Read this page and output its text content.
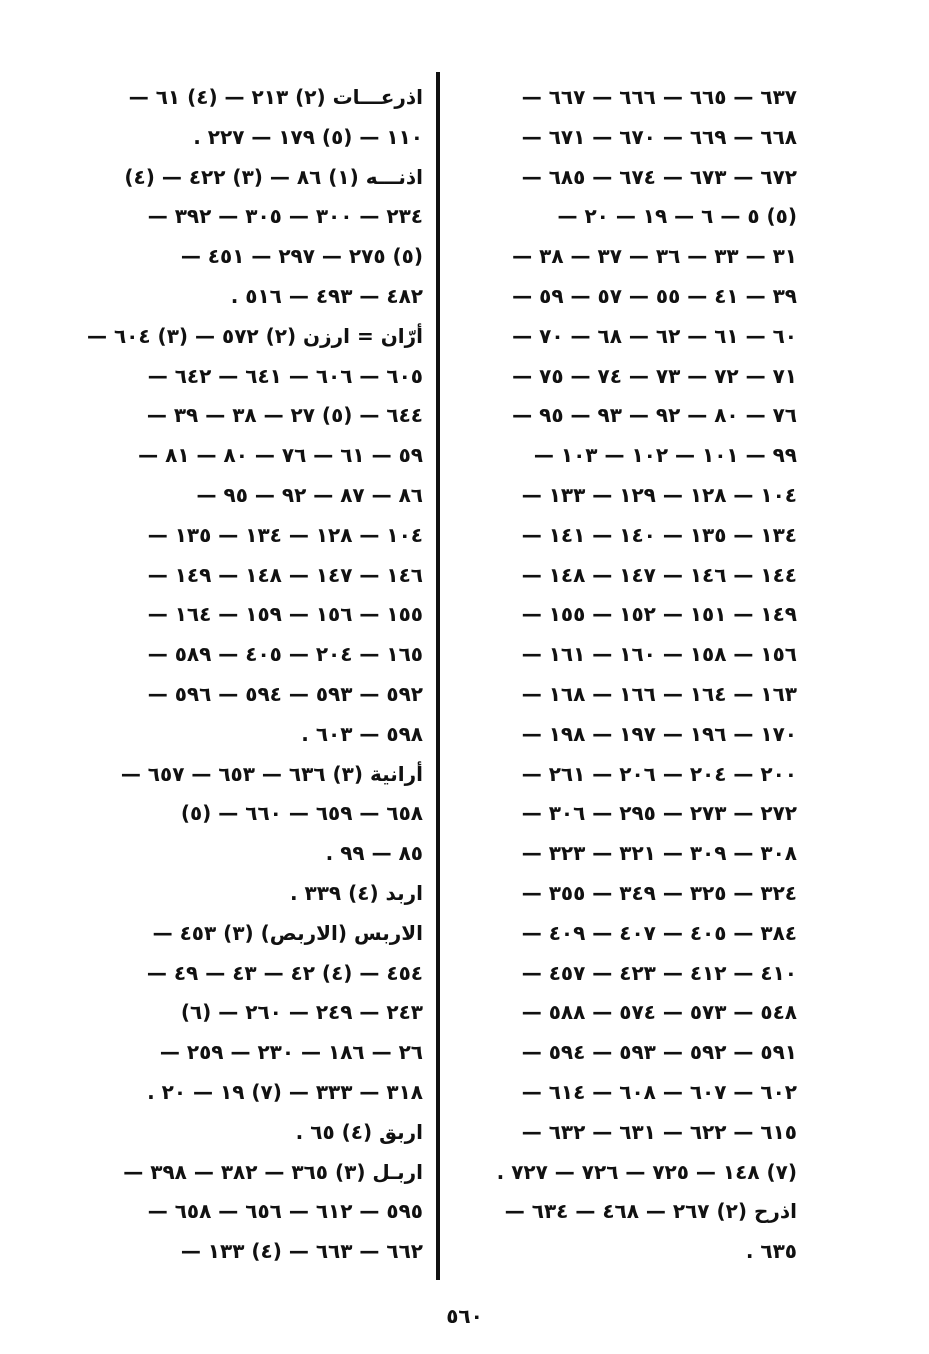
٦٣٧ — ٦٦٥ — ٦٦٦ — ٦٦٧ —
٦٦٨ — ٦٦٩ — ٦٧٠ — ٦٧١ —
٦٧٢ — ٦٧٣ — ٦٧٤ — ٦٨٥ —
(٥) ٥ — ٦ — ١٩ — ٢٠ —
٣١ — ٣٣ — ٣٦ — ٣٧ — ٣٨ —
٣٩ — ٤١ — ٥٥ — ٥٧ — ٥٩ —
٦٠ — ٦١ — ٦٢ — ٦٨ — ٧٠ —
٧١ — ٧٢ — ٧٣ — ٧٤ — ٧٥ —
٧٦ — ٨٠ — ٩٢ — ٩٣ — ٩٥ —
٩٩ — ١٠١ — ١٠٢ — ١٠٣ —
١٠٤ — ١٢٨ — ١٢٩ — ١٣٣ —
١٣٤ — ١٣٥ — ١٤٠ — ١٤١ —
١٤٤ — ١٤٦ — ١٤٧ — ١٤٨ —
١٤٩ — ١٥١ — ١٥٢ — ١٥٥ —
١٥٦ — ١٥٨ — ١٦٠ — ١٦١ —
١٦٣ — ١٦٤ — ١٦٦ — ١٦٨ —
١٧٠ — ١٩٦ — ١٩٧ — ١٩٨ —
٢٠٠ — ٢٠٤ — ٢٠٦ — ٢٦١ —
٢٧٢ — ٢٧٣ — ٢٩٥ — ٣٠٦ —
٣٠٨ — ٣٠٩ — ٣٢١ — ٣٢٣ —
٣٢٤ — ٣٢٥ — ٣٤٩ — ٣٥٥ —
٣٨٤ — ٤٠٥ — ٤٠٧ — ٤٠٩ —
٤١٠ — ٤١٢ — ٤٢٣ — ٤٥٧ —
٥٤٨ — ٥٧٣ — ٥٧٤ — ٥٨٨ —
٥٩١ — ٥٩٢ — ٥٩٣ — ٥٩٤ —
٦٠٢ — ٦٠٧ — ٦٠٨ — ٦١٤ —
٦١٥ — ٦٢٢ — ٦٣١ — ٦٣٢ —
(٧) ١٤٨ — ٧٢٥ — ٧٢٦ — ٧٢٧ .
اذرح (٢) ٢٦٧ — ٤٦٨ — ٦٣٤ —
٦٣٥ .
اذرعـــات (٢) ٢١٣ — (٤) ٦١ —
١١٠ — (٥) ١٧٩ — ٢٢٧ .
اذنـــه (١) ٨٦ — (٣) ٤٢٢ — (٤)
٢٣٤ — ٣٠٠ — ٣٠٥ — ٣٩٢ —
(٥) ٢٧٥ — ٢٩٧ — ٤٥١ —
٤٨٢ — ٤٩٣ — ٥١٦ .
أرّان = ارزن (٢) ٥٧٢ — (٣) ٦٠٤ —
٦٠٥ — ٦٠٦ — ٦٤١ — ٦٤٢ —
٦٤٤ — (٥) ٢٧ — ٣٨ — ٣٩ —
٥٩ — ٦١ — ٧٦ — ٨٠ — ٨١ —
٨٦ — ٨٧ — ٩٢ — ٩٥ —
١٠٤ — ١٢٨ — ١٣٤ — ١٣٥ —
١٤٦ — ١٤٧ — ١٤٨ — ١٤٩ —
١٥٥ — ١٥٦ — ١٥٩ — ١٦٤ —
١٦٥ — ٢٠٤ — ٤٠٥ — ٥٨٩ —
٥٩٢ — ٥٩٣ — ٥٩٤ — ٥٩٦ —
٥٩٨ — ٦٠٣ .
أرانية (٣) ٦٣٦ — ٦٥٣ — ٦٥٧ —
٦٥٨ — ٦٥٩ — ٦٦٠ — (٥)
٨٥ — ٩٩ .
اربد (٤) ٣٣٩ .
الاربس (الاربص) (٣) ٤٥٣ —
٤٥٤ — (٤) ٤٢ — ٤٣ — ٤٩ —
٢٤٣ — ٢٤٩ — ٢٦٠ — (٦)
٢٦ — ١٨٦ — ٢٣٠ — ٢٥٩ —
٣١٨ — ٣٣٣ — (٧) ١٩ — ٢٠ .
اربق (٤) ٦٥ .
اربـل (٣) ٣٦٥ — ٣٨٢ — ٣٩٨ —
٥٩٥ — ٦١٢ — ٦٥٦ — ٦٥٨ —
٦٦٢ — ٦٦٣ — (٤) ١٣٣ —
٥٦٠
